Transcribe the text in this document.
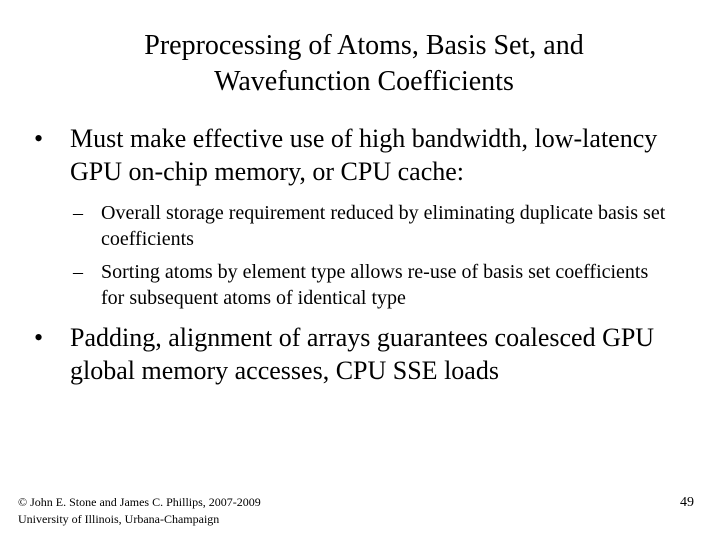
Preprocessing of Atoms, Basis Set, and
Wavefunction Coefficients
• Must make effective use of high bandwidth, low-latency GPU on-chip memory, or CPU cache:
– Overall storage requirement reduced by eliminating duplicate basis set coefficients
– Sorting atoms by element type allows re-use of basis set coefficients for subsequent atoms of identical type
• Padding, alignment of arrays guarantees coalesced GPU global memory accesses, CPU SSE loads
© John E. Stone and James C. Phillips, 2007-2009
University of Illinois, Urbana-Champaign
49
